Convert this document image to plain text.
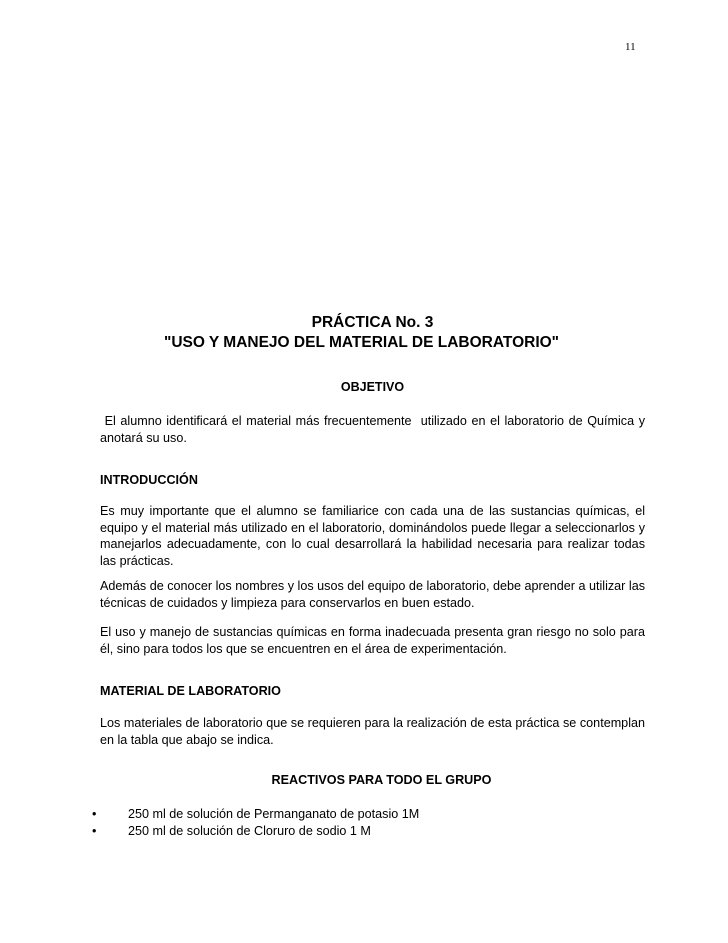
11
PRÁCTICA No. 3
"USO Y MANEJO DEL MATERIAL DE LABORATORIO"
OBJETIVO
El alumno identificará el material más frecuentemente  utilizado en el laboratorio de Química y anotará su uso.
INTRODUCCIÓN
Es muy importante que el alumno se familiarice con cada una de las sustancias químicas, el equipo y el material más utilizado en el laboratorio, dominándolos puede llegar a seleccionarlos y manejarlos adecuadamente, con lo cual desarrollará la habilidad necesaria para realizar todas las prácticas.
Además de conocer los nombres y los usos del equipo de laboratorio, debe aprender a utilizar las técnicas de cuidados y limpieza para conservarlos en buen estado.
El uso y manejo de sustancias químicas en forma inadecuada presenta gran riesgo no solo para él, sino para todos los que se encuentren en el área de experimentación.
MATERIAL DE LABORATORIO
Los materiales de laboratorio que se requieren para la realización de esta práctica se contemplan en la tabla que abajo se indica.
REACTIVOS PARA TODO EL GRUPO
•	250 ml de solución de Permanganato de potasio 1M
•	250 ml de solución de Cloruro de sodio 1 M
